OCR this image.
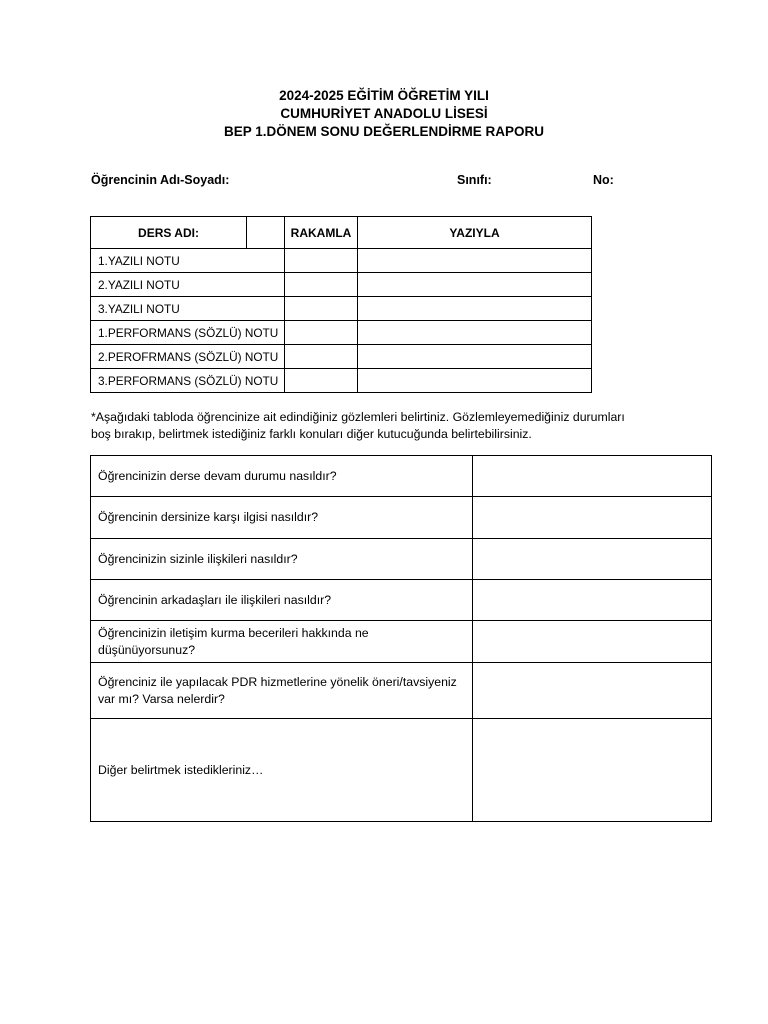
2024-2025 EĞİTİM ÖĞRETİM YILI
CUMHURİYET ANADOLU LİSESİ
BEP 1.DÖNEM SONU DEĞERLENDİRME RAPORU
Öğrencinin Adı-Soyadı:	Sınıfı:	No:
DERS ADI:		RAKAMLA	YAZIYLA
1.YAZILI NOTU			
2.YAZILI NOTU			
3.YAZILI NOTU			
1.PERFORMANS (SÖZLÜ) NOTU			
2.PEROFRMANS (SÖZLÜ) NOTU			
3.PERFORMANS (SÖZLÜ) NOTU			
*Aşağıdaki tabloda öğrencinize ait edindiğiniz gözlemleri belirtiniz. Gözlemleyemediğiniz durumları
boş bırakıp, belirtmek istediğiniz farklı konuları diğer kutucuğunda belirtebilirsiniz.
Öğrencinizin derse devam durumu nasıldır?	
Öğrencinin dersinize karşı ilgisi nasıldır?	
Öğrencinizin sizinle ilişkileri nasıldır?	
Öğrencinin arkadaşları ile ilişkileri nasıldır?	
Öğrencinizin iletişim kurma becerileri hakkında ne düşünüyorsunuz?	
Öğrenciniz ile yapılacak PDR hizmetlerine yönelik öneri/tavsiyeniz var mı? Varsa nelerdir?	
Diğer belirtmek istedikleriniz…	
